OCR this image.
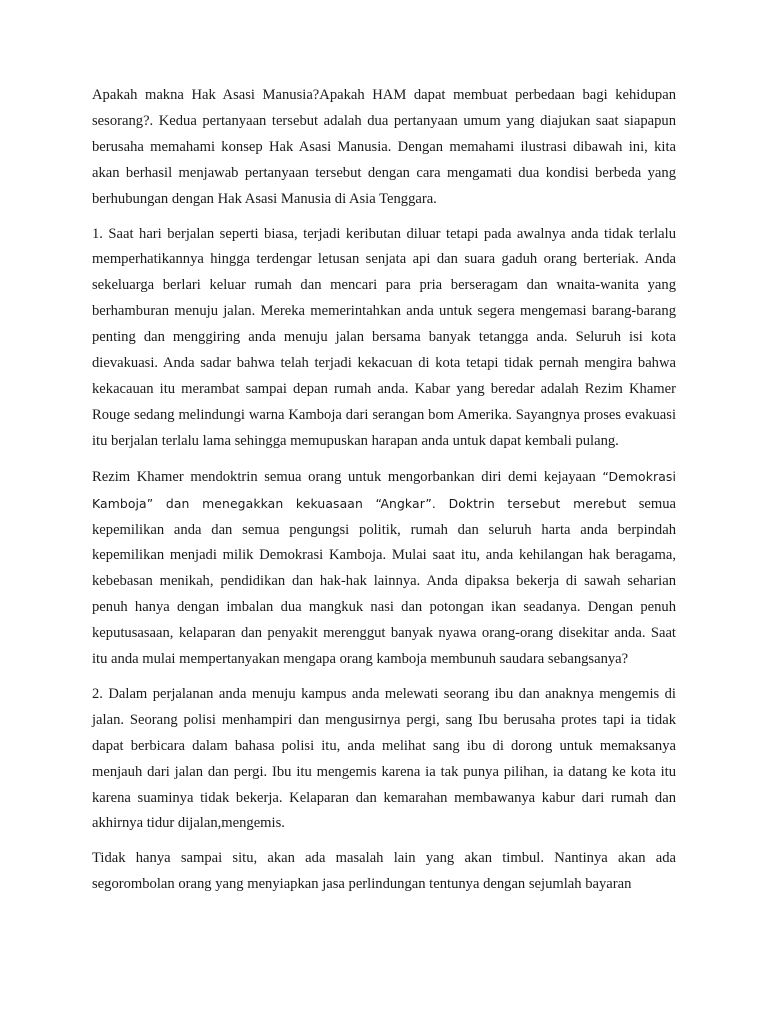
Apakah makna Hak Asasi Manusia?Apakah HAM dapat membuat perbedaan bagi kehidupan sesorang?. Kedua pertanyaan tersebut adalah dua pertanyaan umum yang diajukan saat siapapun berusaha memahami konsep Hak Asasi Manusia. Dengan memahami ilustrasi dibawah ini, kita akan berhasil menjawab pertanyaan tersebut dengan cara mengamati dua kondisi berbeda yang berhubungan dengan Hak Asasi Manusia di Asia Tenggara.

1. Saat hari berjalan seperti biasa, terjadi keributan diluar tetapi pada awalnya anda tidak terlalu memperhatikannya hingga terdengar letusan senjata api dan suara gaduh orang berteriak. Anda sekeluarga berlari keluar rumah dan mencari para pria berseragam dan wnaita-wanita yang berhamburan menuju jalan. Mereka memerintahkan anda untuk segera mengemasi barang-barang penting dan menggiring anda menuju jalan bersama banyak tetangga anda. Seluruh isi kota dievakuasi. Anda sadar bahwa telah terjadi kekacuan di kota tetapi tidak pernah mengira bahwa kekacauan itu merambat sampai depan rumah anda. Kabar yang beredar adalah Rezim Khamer Rouge sedang melindungi warna Kamboja dari serangan bom Amerika. Sayangnya proses evakuasi itu berjalan terlalu lama sehingga memupuskan harapan anda untuk dapat kembali pulang.

Rezim Khamer mendoktrin semua orang untuk mengorbankan diri demi kejayaan “Demokrasi Kamboja” dan menegakkan kekuasaan “Angkar”. Doktrin tersebut merebut semua kepemilikan anda dan semua pengungsi politik, rumah dan seluruh harta anda berpindah kepemilikan menjadi milik Demokrasi Kamboja. Mulai saat itu, anda kehilangan hak beragama, kebebasan menikah, pendidikan dan hak-hak lainnya. Anda dipaksa bekerja di sawah seharian penuh hanya dengan imbalan dua mangkuk nasi dan potongan ikan seadanya. Dengan penuh keputusasaan, kelaparan dan penyakit merenggut banyak nyawa orang-orang disekitar anda. Saat itu anda mulai mempertanyakan mengapa orang kamboja membunuh saudara sebangsanya?

2. Dalam perjalanan anda menuju kampus anda melewati seorang ibu dan anaknya mengemis di jalan. Seorang polisi menhampiri dan mengusirnya pergi, sang Ibu berusaha protes tapi ia tidak dapat berbicara dalam bahasa polisi itu, anda melihat sang ibu di dorong untuk memaksanya menjauh dari jalan dan pergi. Ibu itu mengemis karena ia tak punya pilihan, ia datang ke kota itu karena suaminya tidak bekerja. Kelaparan dan kemarahan membawanya kabur dari rumah dan akhirnya tidur dijalan,mengemis.

Tidak hanya sampai situ, akan ada masalah lain yang akan timbul. Nantinya akan ada segorombolan orang yang menyiapkan jasa perlindungan tentunya dengan sejumlah bayaran
